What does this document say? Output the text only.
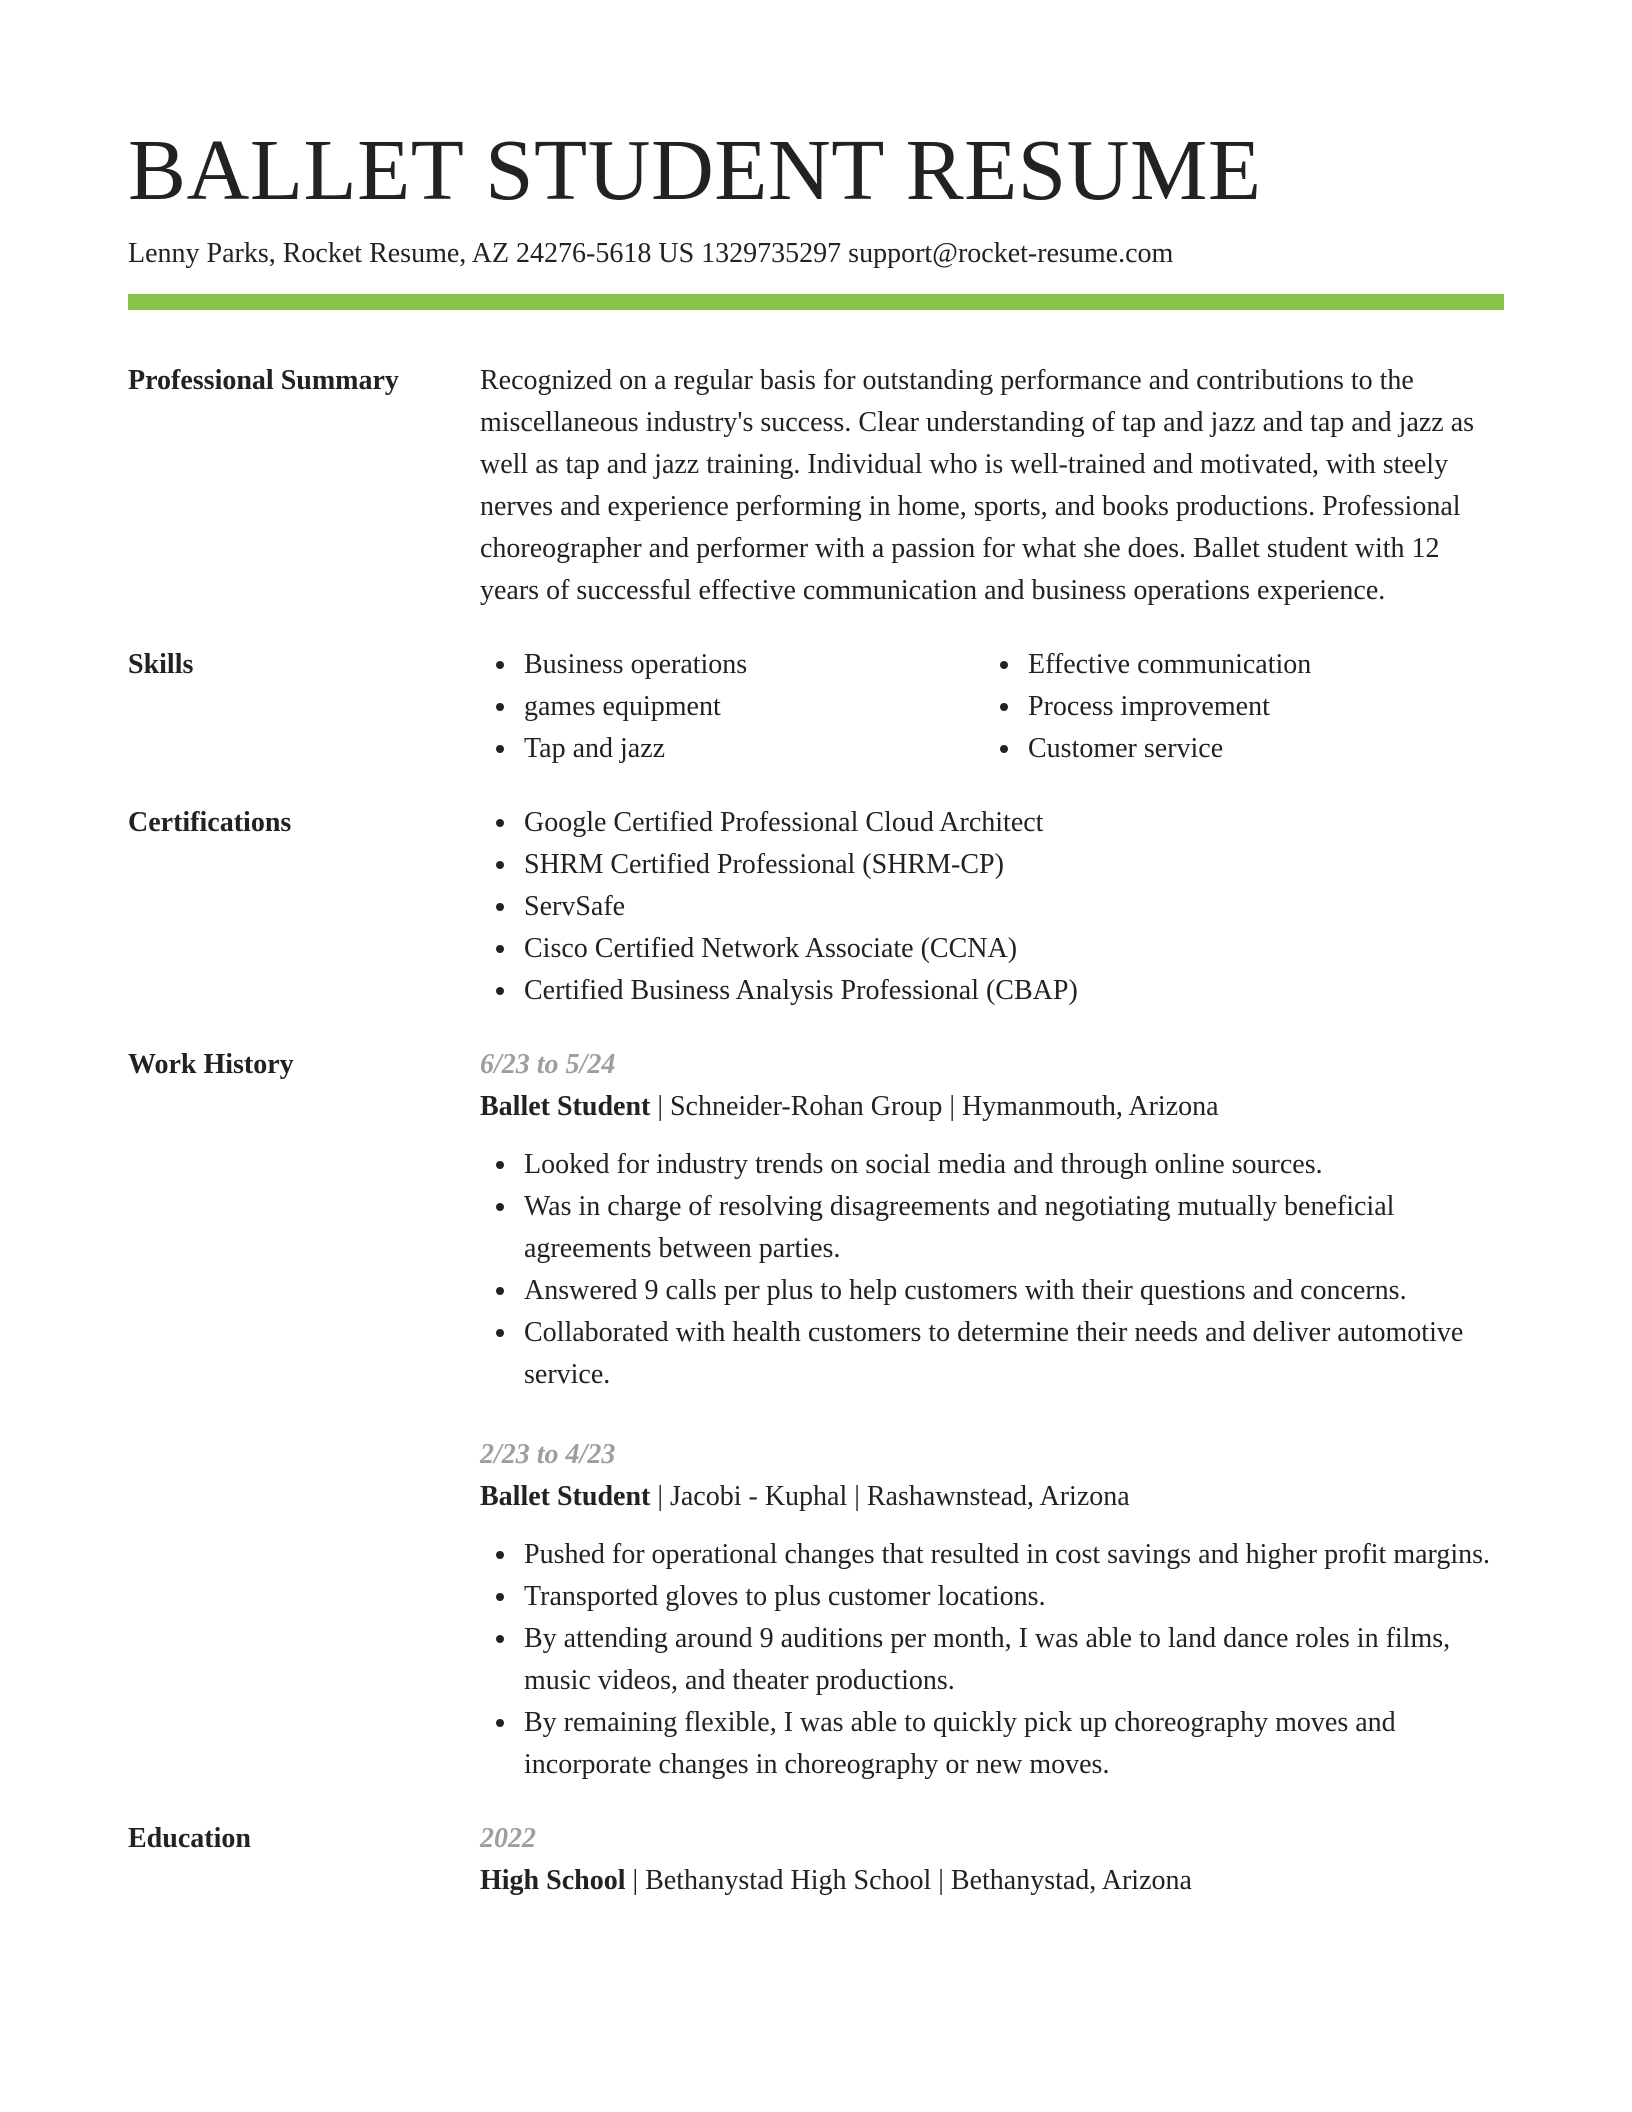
BALLET STUDENT RESUME
Lenny Parks, Rocket Resume, AZ 24276-5618 US 1329735297 support@rocket-resume.com
Professional Summary	Recognized on a regular basis for outstanding performance and contributions to the miscellaneous industry's success. Clear understanding of tap and jazz and tap and jazz as well as tap and jazz training. Individual who is well-trained and motivated, with steely nerves and experience performing in home, sports, and books productions. Professional choreographer and performer with a passion for what she does. Ballet student with 12 years of successful effective communication and business operations experience.
Skills	Business operations
games equipment
Tap and jazz
Effective communication
Process improvement
Customer service
Certifications	Google Certified Professional Cloud Architect
SHRM Certified Professional (SHRM-CP)
ServSafe
Cisco Certified Network Associate (CCNA)
Certified Business Analysis Professional (CBAP)
Work History	6/23 to 5/24
Ballet Student | Schneider-Rohan Group | Hymanmouth, Arizona
Looked for industry trends on social media and through online sources.
Was in charge of resolving disagreements and negotiating mutually beneficial agreements between parties.
Answered 9 calls per plus to help customers with their questions and concerns.
Collaborated with health customers to determine their needs and deliver automotive service.
2/23 to 4/23
Ballet Student | Jacobi - Kuphal | Rashawnstead, Arizona
Pushed for operational changes that resulted in cost savings and higher profit margins.
Transported gloves to plus customer locations.
By attending around 9 auditions per month, I was able to land dance roles in films, music videos, and theater productions.
By remaining flexible, I was able to quickly pick up choreography moves and incorporate changes in choreography or new moves.
Education	2022
High School | Bethanystad High School | Bethanystad, Arizona
